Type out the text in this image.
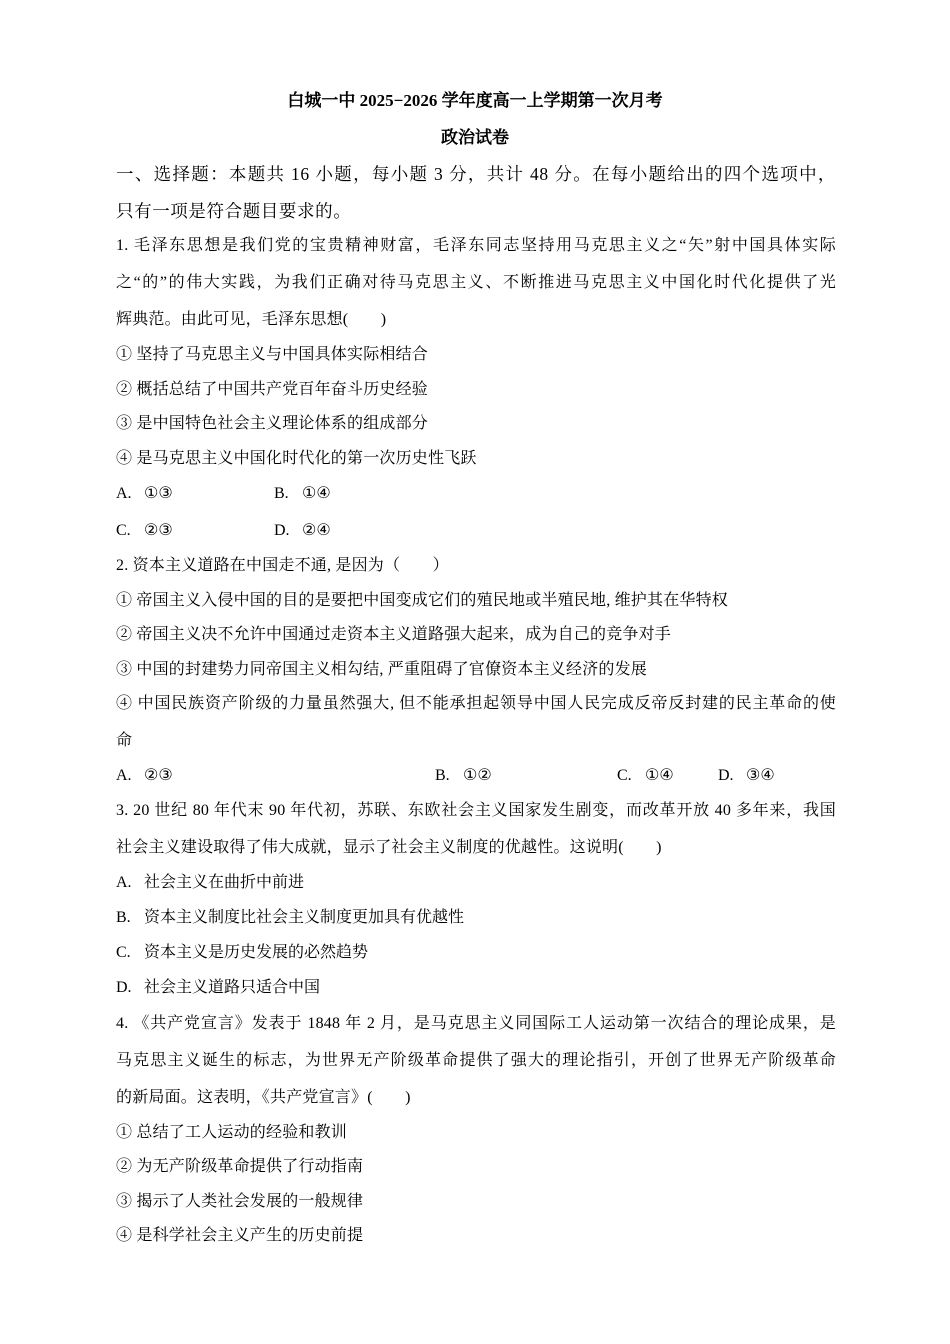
白城一中 2025−2026 学年度高一上学期第一次月考
政治试卷
一、选择题：本题共 16 小题，每小题 3 分，共计 48 分。在每小题给出的四个选项中，
只有一项是符合题目要求的。
1. 毛泽东思想是我们党的宝贵精神财富，毛泽东同志坚持用马克思主义之“矢”射中国具体实际
之“的”的伟大实践，为我们正确对待马克思主义、不断推进马克思主义中国化时代化提供了光
辉典范。由此可见，毛泽东思想(　　)
① 坚持了马克思主义与中国具体实际相结合
② 概括总结了中国共产党百年奋斗历史经验
③ 是中国特色社会主义理论体系的组成部分
④ 是马克思主义中国化时代化的第一次历史性飞跃
A. ①③	B. ①④
C. ②③	D. ②④
2. 资本主义道路在中国走不通, 是因为（　　）
① 帝国主义入侵中国的目的是要把中国变成它们的殖民地或半殖民地, 维护其在华特权
② 帝国主义决不允许中国通过走资本主义道路强大起来，成为自己的竞争对手
③ 中国的封建势力同帝国主义相勾结, 严重阻碍了官僚资本主义经济的发展
④ 中国民族资产阶级的力量虽然强大, 但不能承担起领导中国人民完成反帝反封建的民主革命的使
命
A. ②③	B. ①②	C. ①④	D. ③④
3. 20 世纪 80 年代末 90 年代初，苏联、东欧社会主义国家发生剧变，而改革开放 40 多年来，我国
社会主义建设取得了伟大成就，显示了社会主义制度的优越性。这说明(　　)
A. 社会主义在曲折中前进
B. 资本主义制度比社会主义制度更加具有优越性
C. 资本主义是历史发展的必然趋势
D. 社会主义道路只适合中国
4. 《共产党宣言》发表于 1848 年 2 月，是马克思主义同国际工人运动第一次结合的理论成果，是
马克思主义诞生的标志，为世界无产阶级革命提供了强大的理论指引，开创了世界无产阶级革命
的新局面。这表明，《共产党宣言》(　　)
① 总结了工人运动的经验和教训
② 为无产阶级革命提供了行动指南
③ 揭示了人类社会发展的一般规律
④ 是科学社会主义产生的历史前提
